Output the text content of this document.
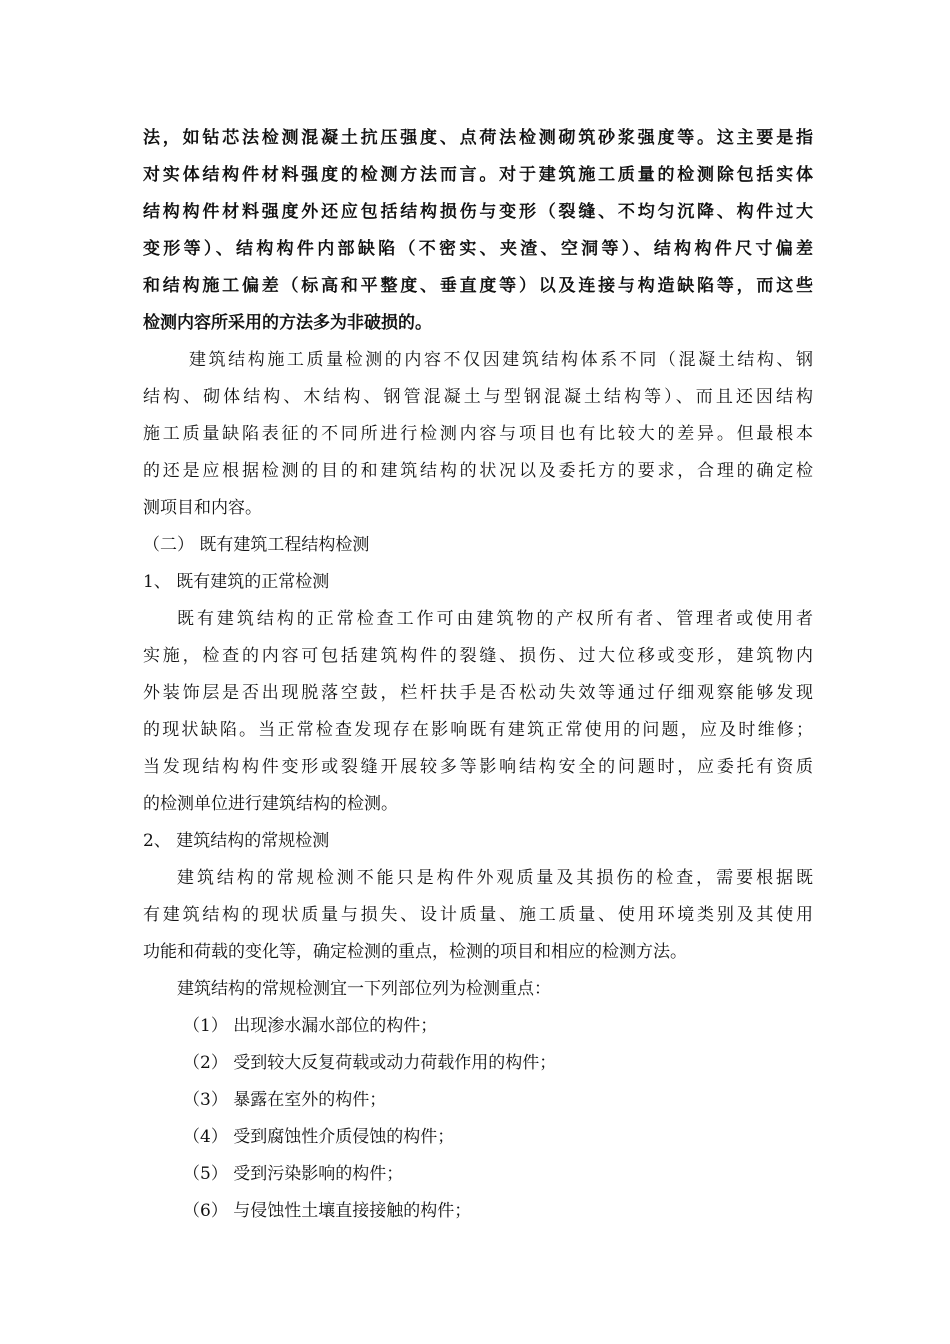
法，如钻芯法检测混凝土抗压强度、点荷法检测砌筑砂浆强度等。这主要是指
对实体结构件材料强度的检测方法而言。对于建筑施工质量的检测除包括实体
结构构件材料强度外还应包括结构损伤与变形（裂缝、不均匀沉降、构件过大
变形等）、结构构件内部缺陷（不密实、夹渣、空洞等）、结构构件尺寸偏差
和结构施工偏差（标高和平整度、垂直度等）以及连接与构造缺陷等，而这些
检测内容所采用的方法多为非破损的。
建筑结构施工质量检测的内容不仅因建筑结构体系不同（混凝土结构、钢
结构、砌体结构、木结构、钢管混凝土与型钢混凝土结构等）、而且还因结构
施工质量缺陷表征的不同所进行检测内容与项目也有比较大的差异。但最根本
的还是应根据检测的目的和建筑结构的状况以及委托方的要求，合理的确定检
测项目和内容。
（二） 既有建筑工程结构检测
1、 既有建筑的正常检测
既有建筑结构的正常检查工作可由建筑物的产权所有者、管理者或使用者
实施，检查的内容可包括建筑构件的裂缝、损伤、过大位移或变形，建筑物内
外装饰层是否出现脱落空鼓，栏杆扶手是否松动失效等通过仔细观察能够发现
的现状缺陷。当正常检查发现存在影响既有建筑正常使用的问题，应及时维修；
当发现结构构件变形或裂缝开展较多等影响结构安全的问题时，应委托有资质
的检测单位进行建筑结构的检测。
2、 建筑结构的常规检测
建筑结构的常规检测不能只是构件外观质量及其损伤的检查，需要根据既
有建筑结构的现状质量与损失、设计质量、施工质量、使用环境类别及其使用
功能和荷载的变化等，确定检测的重点，检测的项目和相应的检测方法。
建筑结构的常规检测宜一下列部位列为检测重点：
（1） 出现渗水漏水部位的构件；
（2） 受到较大反复荷载或动力荷载作用的构件；
（3） 暴露在室外的构件；
（4） 受到腐蚀性介质侵蚀的构件；
（5） 受到污染影响的构件；
（6） 与侵蚀性土壤直接接触的构件；
